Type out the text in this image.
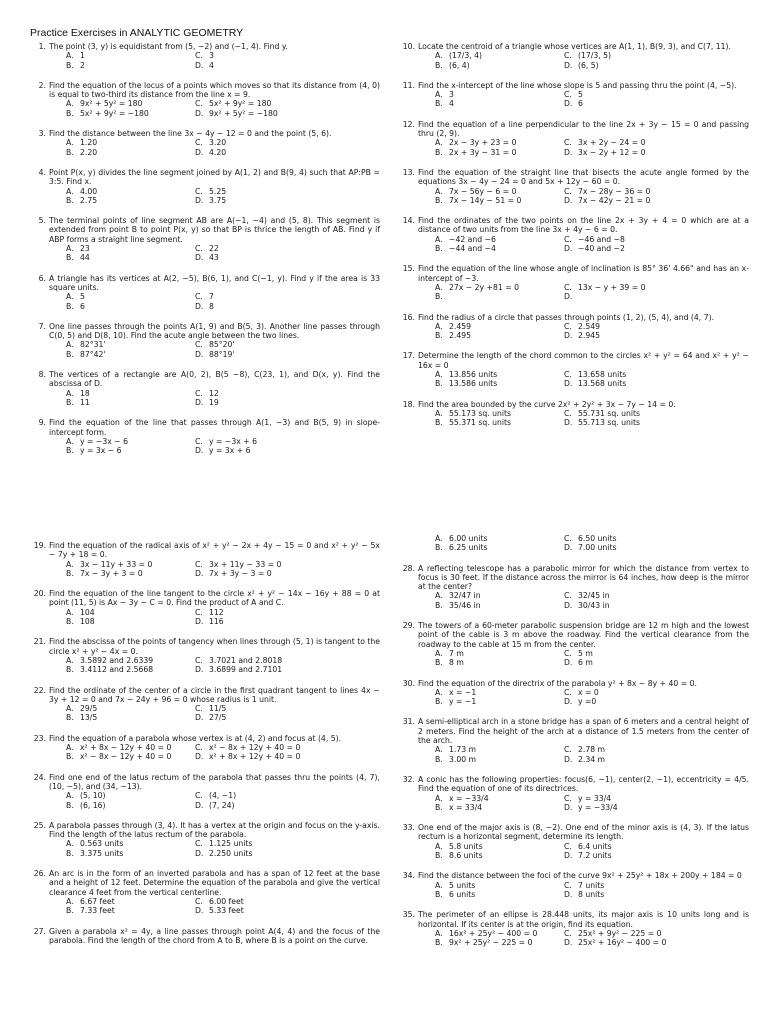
Practice Exercises in ANALYTIC GEOMETRY
1. The point (3, y) is equidistant from (5, −2) and (−1, 4). Find y.
A. 1	C. 3
B. 2	D. 4
2. Find the equation of the locus of a points which moves so that its distance from (4, 0) is equal to two-third its distance from the line x = 9.
A. 9x² + 5y² = 180	C. 5x² + 9y² = 180
B. 5x² + 9y² = −180	D. 9x² + 5y² = −180
3. Find the distance between the line 3x − 4y − 12 = 0 and the point (5, 6).
A. 1.20	C. 3.20
B. 2.20	D. 4.20
4. Point P(x, y) divides the line segment joined by A(1, 2) and B(9, 4) such that AP:PB = 3:5. Find x.
A. 4.00	C. 5.25
B. 2.75	D. 3.75
5. The terminal points of line segment AB are A(−1, −4) and (5, 8). This segment is extended from point B to point P(x, y) so that BP is thrice the length of AB. Find y if ABP forms a straight line segment.
A. 23	C. 22
B. 44	D. 43
6. A triangle has its vertices at A(2, −5), B(6, 1), and C(−1, y). Find y if the area is 33 square units.
A. 5	C. 7
B. 6	D. 8
7. One line passes through the points A(1, 9) and B(5, 3). Another line passes through C(0, 5) and D(8, 10). Find the acute angle between the two lines.
A. 82°31'	C. 85°20'
B. 87°42'	D. 88°19'
8. The vertices of a rectangle are A(0, 2), B(5 −8), C(23, 1), and D(x, y). Find the abscissa of D.
A. 18	C. 12
B. 11	D. 19
9. Find the equation of the line that passes through A(1, −3) and B(5, 9) in slope-intercept form.
A. y = −3x − 6	C. y = −3x + 6
B. y = 3x − 6	D. y = 3x + 6
10. Locate the centroid of a triangle whose vertices are A(1, 1), B(9, 3), and C(7, 11).
A. (17/3, 4)	C. (17/3, 5)
B. (6, 4)	D. (6, 5)
11. Find the x-intercept of the line whose slope is 5 and passing thru the point (4, −5).
A. 3	C. 5
B. 4	D. 6
12. Find the equation of a line perpendicular to the line 2x + 3y − 15 = 0 and passing thru (2, 9).
A. 2x − 3y + 23 = 0	C. 3x + 2y − 24 = 0
B. 2x + 3y − 31 = 0	D. 3x − 2y + 12 = 0
13. Find the equation of the straight line that bisects the acute angle formed by the equations 3x − 4y − 24 = 0 and 5x + 12y − 60 = 0.
A. 7x − 56y − 6 = 0	C. 7x − 28y − 36 = 0
B. 7x − 14y − 51 = 0	D. 7x − 42y − 21 = 0
14. Find the ordinates of the two points on the line 2x + 3y + 4 = 0 which are at a distance of two units from the line 3x + 4y − 6 = 0.
A. −42 and −6	C. −46 and −8
B. −44 and −4	D. −40 and −2
15. Find the equation of the line whose angle of inclination is 85° 36' 4.66" and has an x-intercept of −3.
A. 27x − 2y +81 = 0	C. 13x − y + 39 = 0
B.	D.
16. Find the radius of a circle that passes through points (1, 2), (5, 4), and (4, 7).
A. 2.459	C. 2.549
B. 2.495	D. 2.945
17. Determine the length of the chord common to the circles x² + y² = 64 and x² + y² − 16x = 0
A. 13.856 units	C. 13.658 units
B. 13.586 units	D. 13.568 units
18. Find the area bounded by the curve 2x² + 2y² + 3x − 7y − 14 = 0.
A. 55.173 sq. units	C. 55.731 sq. units
B. 55.371 sq. units	D. 55.713 sq. units
19. Find the equation of the radical axis of x² + y² − 2x + 4y − 15 = 0 and x² + y² − 5x − 7y + 18 = 0.
A. 3x − 11y + 33 = 0	C. 3x + 11y − 33 = 0
B. 7x − 3y + 3 = 0	D. 7x + 3y − 3 = 0
20. Find the equation of the line tangent to the circle x² + y² − 14x − 16y + 88 = 0 at point (11, 5) is Ax − 3y − C = 0. Find the product of A and C.
A. 104	C. 112
B. 108	D. 116
21. Find the abscissa of the points of tangency when lines through (5, 1) is tangent to the circle x² + y² − 4x = 0.
A. 3.5892 and 2.6339	C. 3.7021 and 2.8018
B. 3.4112 and 2.5668	D. 3.6899 and 2.7101
22. Find the ordinate of the center of a circle in the first quadrant tangent to lines 4x − 3y + 12 = 0 and 7x − 24y + 96 = 0 whose radius is 1 unit.
A. 29/5	C. 11/5
B. 13/5	D. 27/5
23. Find the equation of a parabola whose vertex is at (4, 2) and focus at (4, 5).
A. x² + 8x − 12y + 40 = 0	C. x² − 8x + 12y + 40 = 0
B. x² − 8x − 12y + 40 = 0	D. x² + 8x + 12y + 40 = 0
24. Find one end of the latus rectum of the parabola that passes thru the points (4, 7), (10, −5), and (34, −13).
A. (5, 10)	C. (4, −1)
B. (6, 16)	D. (7, 24)
25. A parabola passes through (3, 4). It has a vertex at the origin and focus on the y-axis. Find the length of the latus rectum of the parabola.
A. 0.563 units	C. 1.125 units
B. 3.375 units	D. 2.250 units
26. An arc is in the form of an inverted parabola and has a span of 12 feet at the base and a height of 12 feet. Determine the equation of the parabola and give the vertical clearance 4 feet from the vertical centerline.
A. 6.67 feet	C. 6.00 feet
B. 7.33 feet	D. 5.33 feet
27. Given a parabola x² = 4y, a line passes through point A(4, 4) and the focus of the parabola. Find the length of the chord from A to B, where B is a point on the curve.
A. 6.00 units	C. 6.50 units
B. 6.25 units	D. 7.00 units
28. A reflecting telescope has a parabolic mirror for which the distance from vertex to focus is 30 feet. If the distance across the mirror is 64 inches, how deep is the mirror at the center?
A. 32/47 in	C. 32/45 in
B. 35/46 in	D. 30/43 in
29. The towers of a 60-meter parabolic suspension bridge are 12 m high and the lowest point of the cable is 3 m above the roadway. Find the vertical clearance from the roadway to the cable at 15 m from the center.
A. 7 m	C. 5 m
B. 8 m	D. 6 m
30. Find the equation of the directrix of the parabola y² + 8x − 8y + 40 = 0.
A. x = −1	C. x = 0
B. y = −1	D. y =0
31. A semi-elliptical arch in a stone bridge has a span of 6 meters and a central height of 2 meters. Find the height of the arch at a distance of 1.5 meters from the center of the arch.
A. 1.73 m	C. 2.78 m
B. 3.00 m	D. 2.34 m
32. A conic has the following properties: focus(6, −1), center(2, −1), eccentricity = 4/5. Find the equation of one of its directrices.
A. x = −33/4	C. y = 33/4
B. x = 33/4	D. y = −33/4
33. One end of the major axis is (8, −2). One end of the minor axis is (4, 3). If the latus rectum is a horizontal segment, determine its length.
A. 5.8 units	C. 6.4 units
B. 8.6 units	D. 7.2 units
34. Find the distance between the foci of the curve 9x² + 25y² + 18x + 200y + 184 = 0
A. 5 units	C. 7 units
B. 6 units	D. 8 units
35. The perimeter of an ellipse is 28.448 units, its major axis is 10 units long and is horizontal. If its center is at the origin, find its equation.
A. 16x² + 25y² − 400 = 0	C. 25x² + 9y² − 225 = 0
B. 9x² + 25y² − 225 = 0	D. 25x² + 16y² − 400 = 0
